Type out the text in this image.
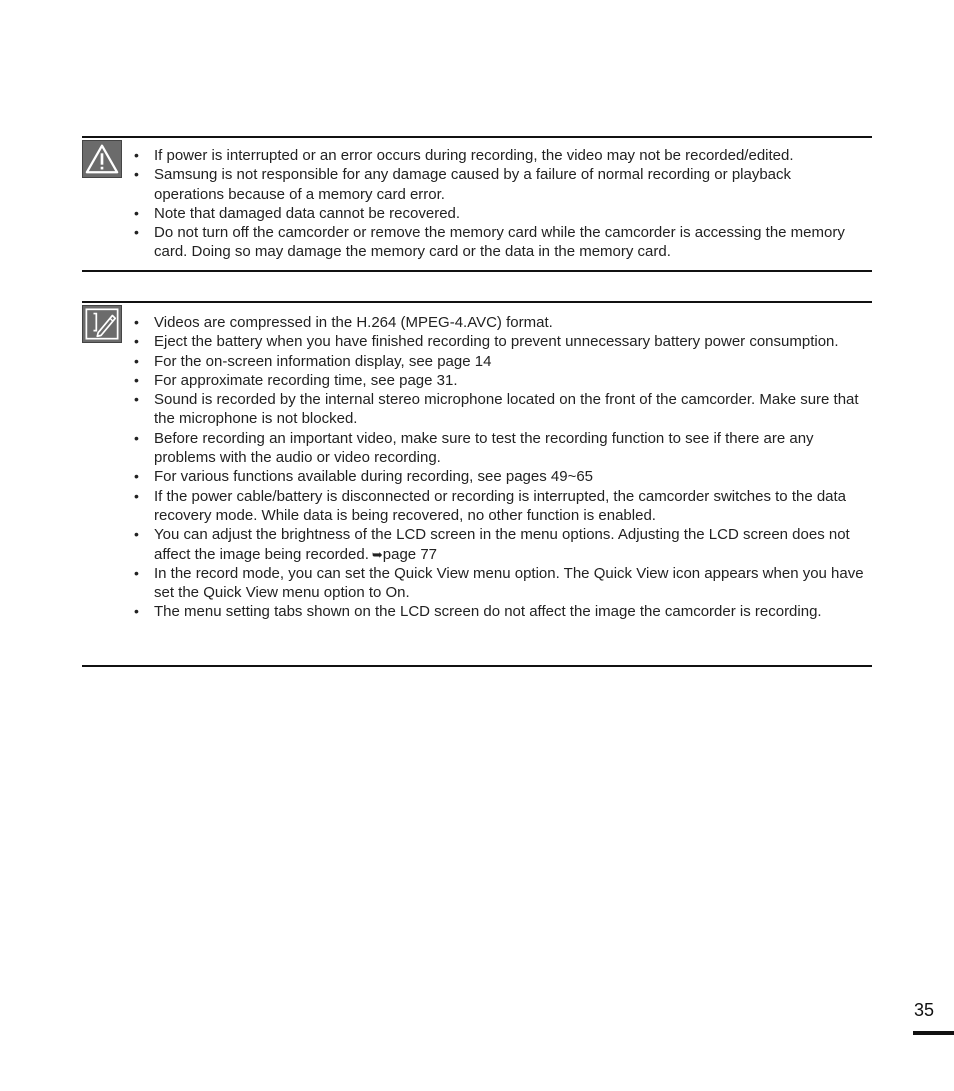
• If power is interrupted or an error occurs during recording, the video may not be recorded/edited.
• Samsung is not responsible for any damage caused by a failure of normal recording or playback operations because of a memory card error.
• Note that damaged data cannot be recovered.
• Do not turn off the camcorder or remove the memory card while the camcorder is accessing the memory card. Doing so may damage the memory card or the data in the memory card.
• Videos are compressed in the H.264 (MPEG-4.AVC) format.
• Eject the battery when you have finished recording to prevent unnecessary battery power consumption.
• For the on-screen information display, see page 14
• For approximate recording time, see page 31.
• Sound is recorded by the internal stereo microphone located on the front of the camcorder. Make sure that the microphone is not blocked.
• Before recording an important video, make sure to test the recording function to see if there are any problems with the audio or video recording.
• For various functions available during recording, see pages 49~65
• If the power cable/battery is disconnected or recording is interrupted, the camcorder switches to the data recovery mode. While data is being recovered, no other function is enabled.
• You can adjust the brightness of the LCD screen in the menu options. Adjusting the LCD screen does not affect the image being recorded. ➥page 77
• In the record mode, you can set the Quick View menu option. The Quick View icon appears when you have set the Quick View menu option to On.
• The menu setting tabs shown on the LCD screen do not affect the image the camcorder is recording.
35
